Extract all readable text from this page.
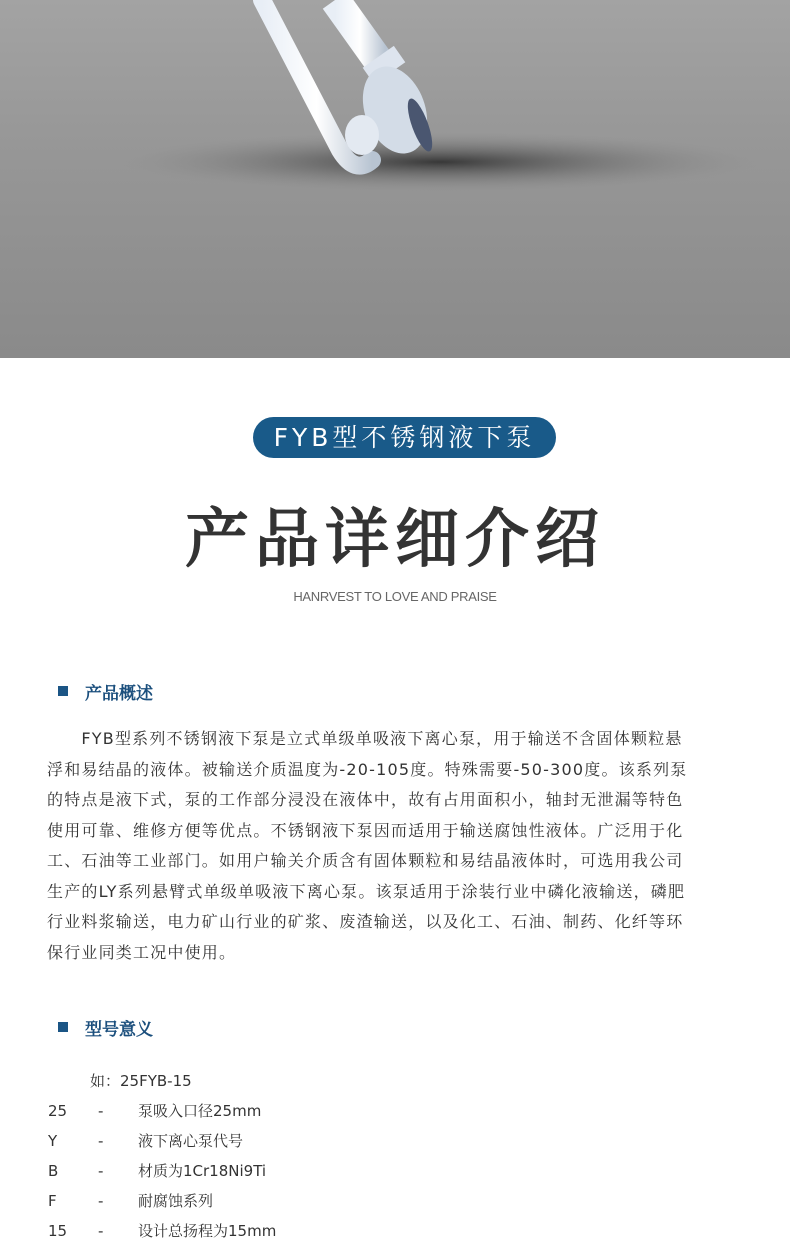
FYB型不锈钢液下泵
产品详细介绍
HANRVEST TO LOVE AND PRAISE
产品概述
　　FYB型系列不锈钢液下泵是立式单级单吸液下离心泵，用于输送不含固体颗粒悬
浮和易结晶的液体。被输送介质温度为-20-105度。特殊需要-50-300度。该系列泵
的特点是液下式，泵的工作部分浸没在液体中，故有占用面积小，轴封无泄漏等特色
使用可靠、维修方便等优点。不锈钢液下泵因而适用于输送腐蚀性液体。广泛用于化
工、石油等工业部门。如用户输关介质含有固体颗粒和易结晶液体时，可选用我公司
生产的LY系列悬臂式单级单吸液下离心泵。该泵适用于涂装行业中磷化液输送，磷肥
行业料浆输送，电力矿山行业的矿浆、废渣输送，以及化工、石油、制药、化纤等环
保行业同类工况中使用。
型号意义
如：25FYB-15
25	-	泵吸入口径25mm
Y	-	液下离心泵代号
B	-	材质为1Cr18Ni9Ti
F	-	耐腐蚀系列
15	-	设计总扬程为15mm
